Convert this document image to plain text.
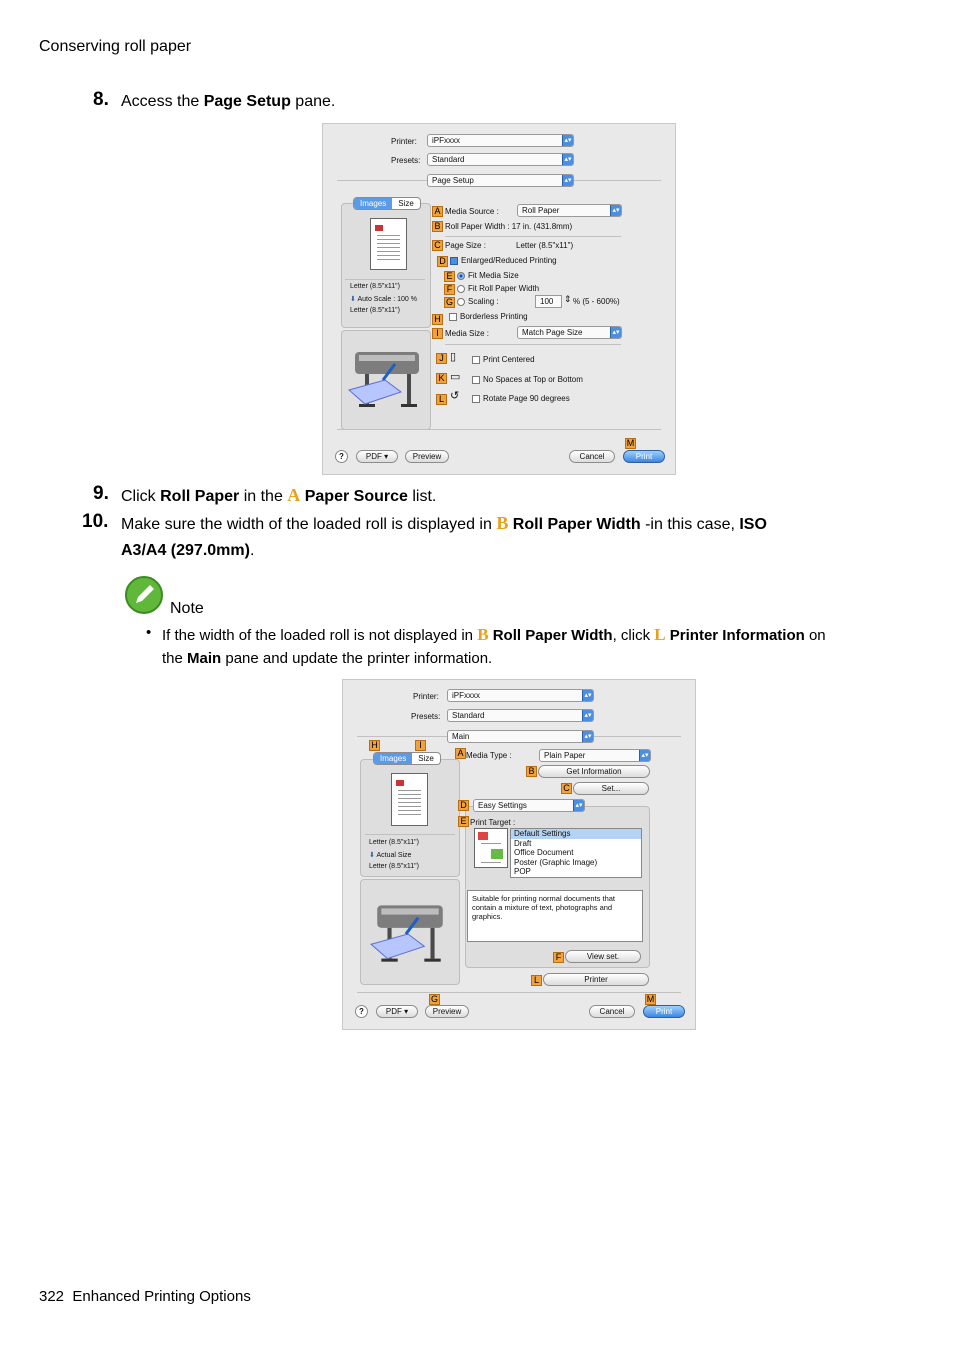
Conserving roll paper
8. Access the Page Setup pane.
Printer:	iPFxxxx	▴▾
Presets:	Standard	▴▾
Page Setup	▴▾
Images Size
Letter (8.5"x11")
⬇ Auto Scale : 100 %
Letter (8.5"x11")
A Media Source :	Roll Paper	▴▾
B Roll Paper Width : 17 in. (431.8mm)
C Page Size :	Letter (8.5"x11")
D	Enlarged/Reduced Printing
E	Fit Media Size
F	Fit Roll Paper Width
G	Scaling :	100	⇕ % (5 - 600%)
Borderless Printing
H
I Media Size :	Match Page Size	▴▾
J ▯	Print Centered
K ▭	No Spaces at Top or Bottom
L ↺	Rotate Page 90 degrees
?	PDF ▾	Preview	Cancel
M
Print
9. Click Roll Paper in the A Paper Source list.
10. Make sure the width of the loaded roll is displayed in B Roll Paper Width -in this case, ISO
A3/A4 (297.0mm).
Note
• If the width of the loaded roll is not displayed in B Roll Paper Width, click L Printer Information on
the Main pane and update the printer information.
Printer:	iPFxxxx	▴▾
Presets:	Standard	▴▾
Main	▴▾
H	I
Images Size
Letter (8.5"x11")
⬇ Actual Size
Letter (8.5"x11")
A Media Type :	Plain Paper	▴▾
B	Get Information
C	Set...
D	Easy Settings	▴▾
E Print Target :
Default Settings
Draft
Office Document
Poster (Graphic Image)
POP
Suitable for printing normal documents that contain a mixture of text, photographs and graphics.
F	View set.
L	Printer
G
?	PDF ▾	Preview	Cancel
M
Print
322 Enhanced Printing Options
